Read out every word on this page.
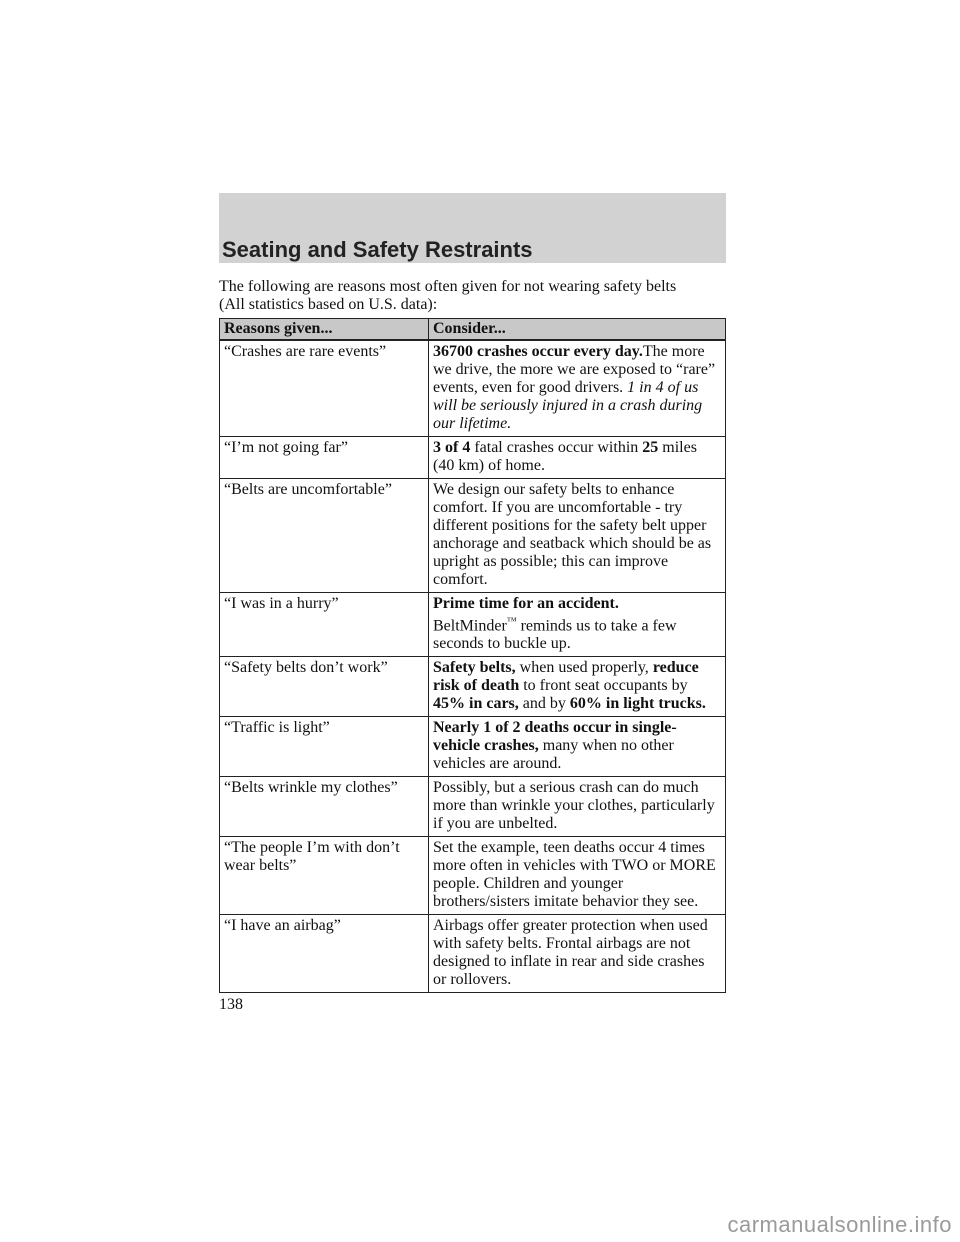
Seating and Safety Restraints
The following are reasons most often given for not wearing safety belts
(All statistics based on U.S. data):
Reasons given...	Consider...
“Crashes are rare events”	36700 crashes occur every day.The more we drive, the more we are exposed to “rare” events, even for good drivers. 1 in 4 of us will be seriously injured in a crash during our lifetime.
“I’m not going far”	3 of 4 fatal crashes occur within 25 miles (40 km) of home.
“Belts are uncomfortable”	We design our safety belts to enhance comfort. If you are uncomfortable - try different positions for the safety belt upper anchorage and seatback which should be as upright as possible; this can improve comfort.
“I was in a hurry”	Prime time for an accident.
BeltMinder™ reminds us to take a few seconds to buckle up.
“Safety belts don’t work”	Safety belts, when used properly, reduce risk of death to front seat occupants by 45% in cars, and by 60% in light trucks.
“Traffic is light”	Nearly 1 of 2 deaths occur in single-vehicle crashes, many when no other vehicles are around.
“Belts wrinkle my clothes”	Possibly, but a serious crash can do much more than wrinkle your clothes, particularly if you are unbelted.
“The people I’m with don’t wear belts”	Set the example, teen deaths occur 4 times more often in vehicles with TWO or MORE people. Children and younger brothers/sisters imitate behavior they see.
“I have an airbag”	Airbags offer greater protection when used with safety belts. Frontal airbags are not designed to inflate in rear and side crashes or rollovers.
138
carmanualsonline.info
